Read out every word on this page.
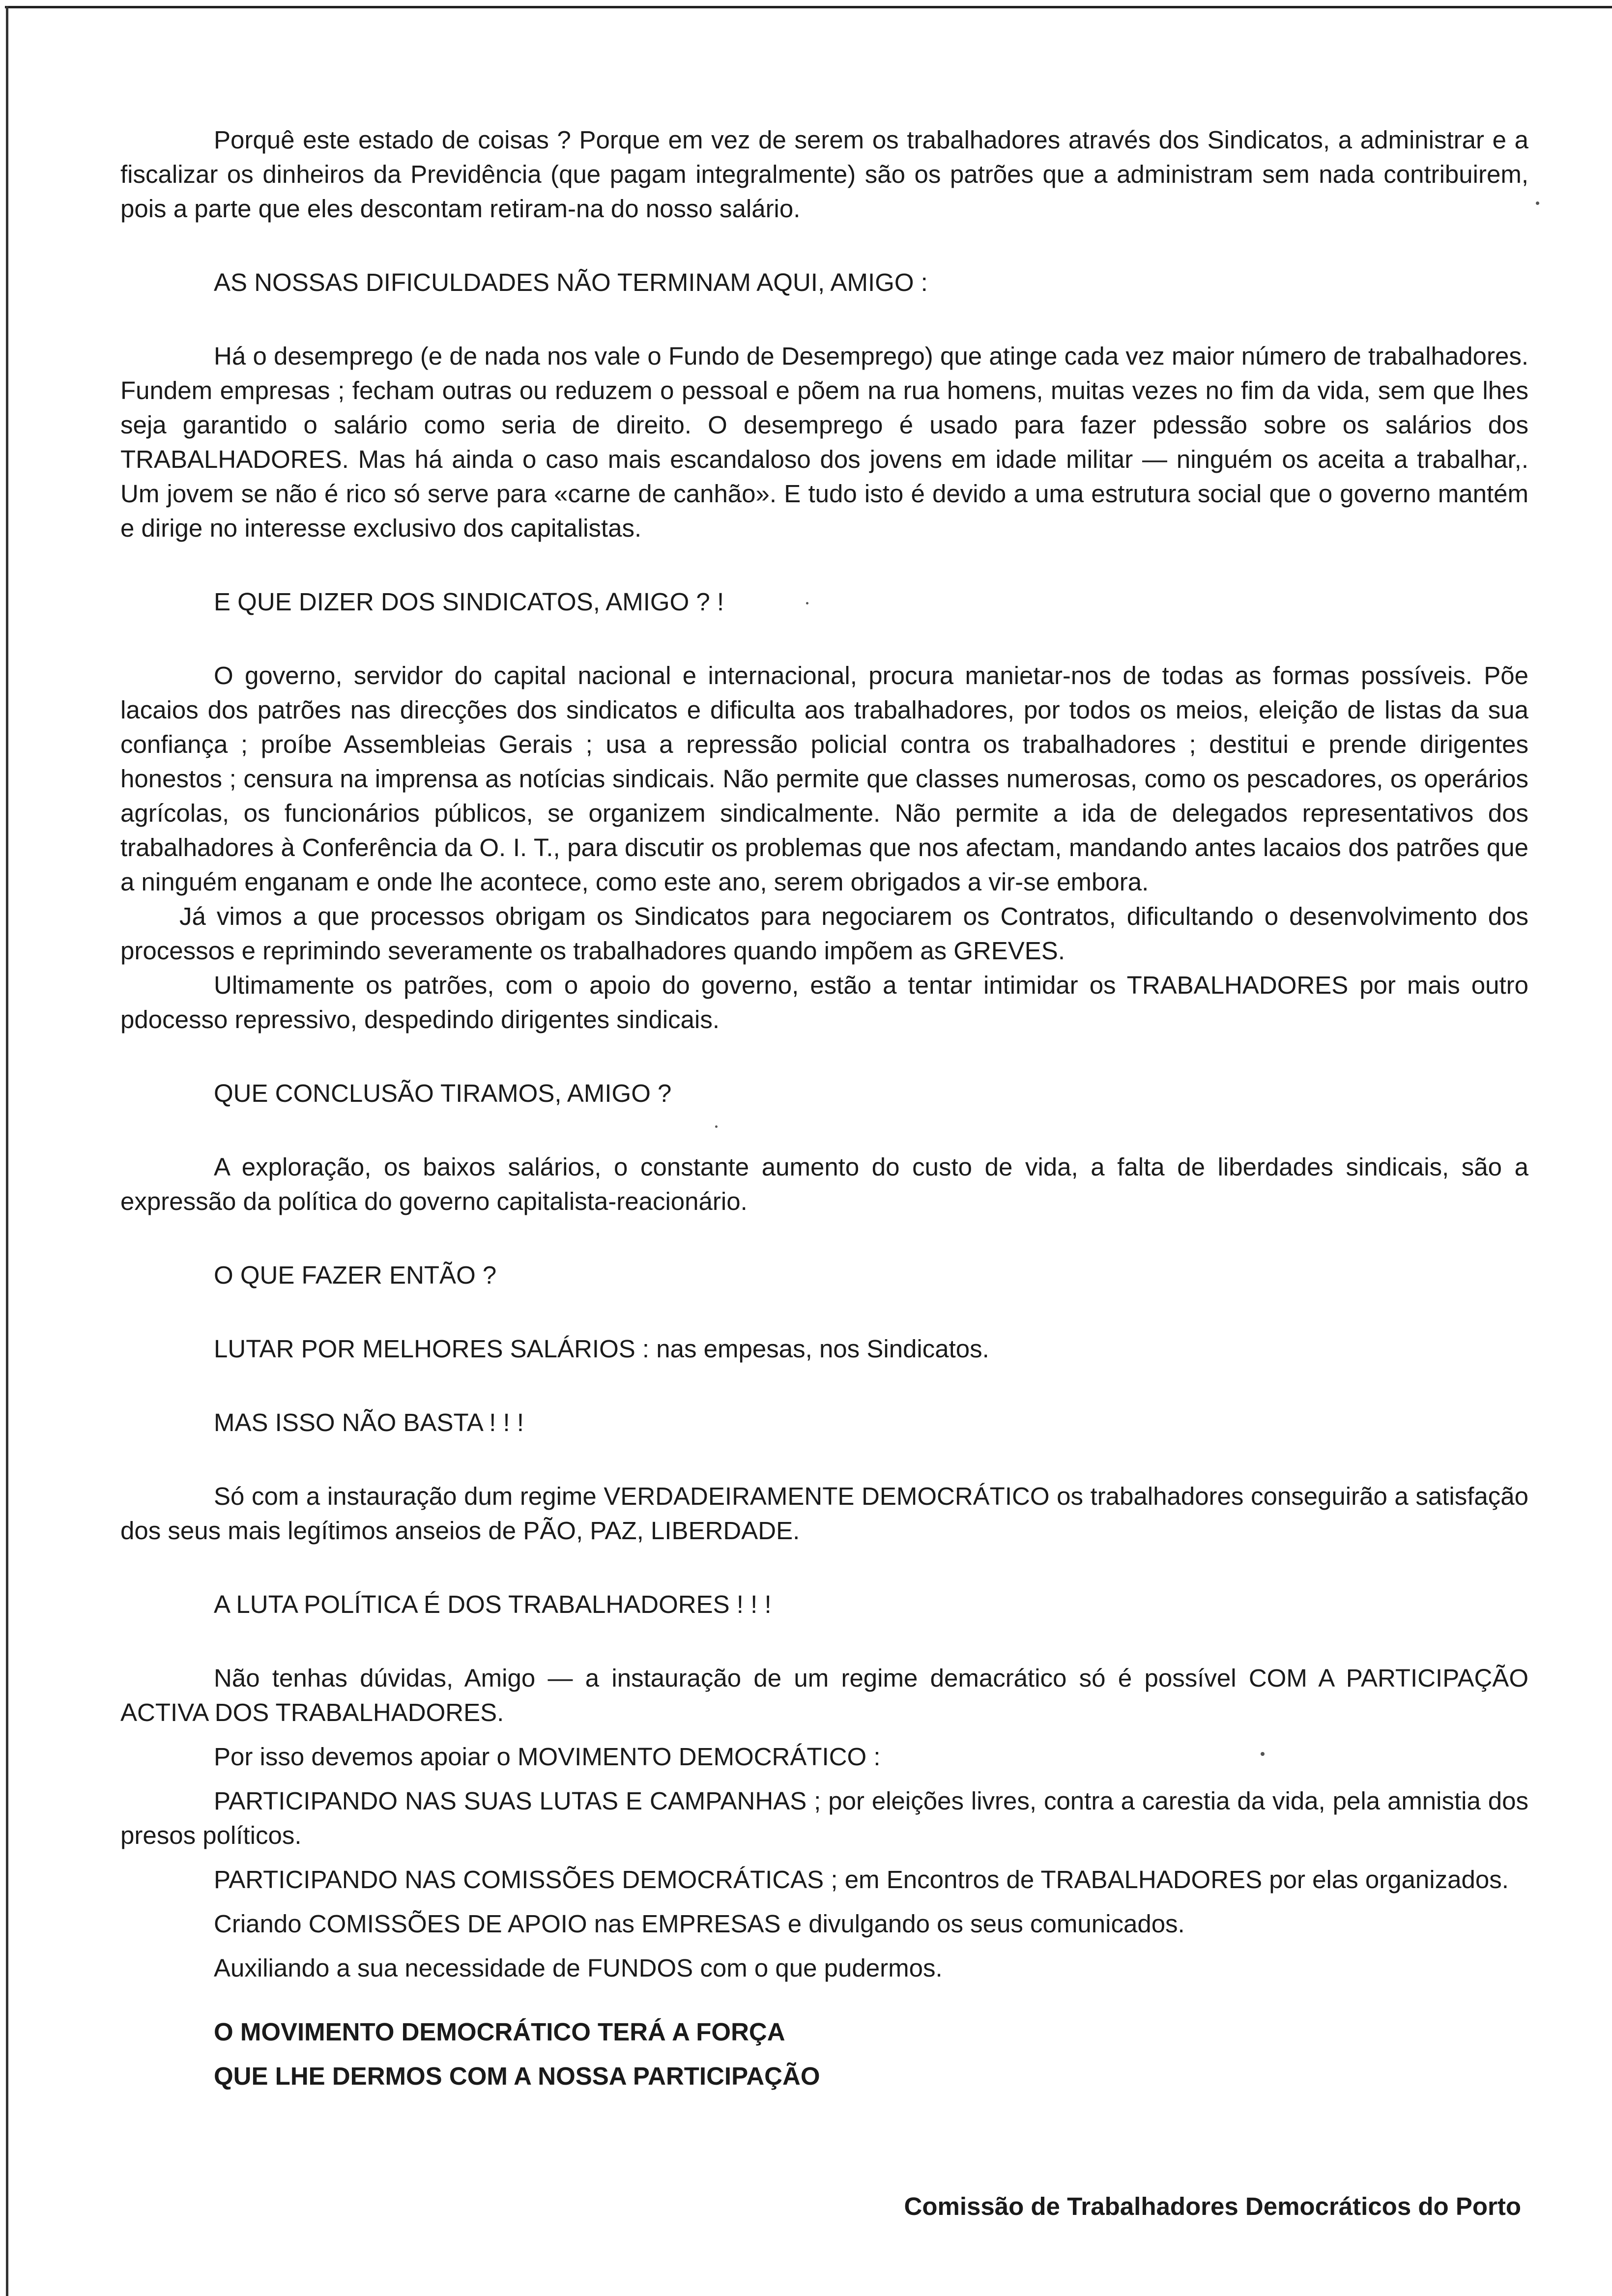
Porquê este estado de coisas ? Porque em vez de serem os trabalhadores através dos Sindicatos, a administrar e a fiscalizar os dinheiros da Previdência (que pagam integralmente) são os patrões que a administram sem nada contribuirem, pois a parte que eles descontam retiram-na do nosso salário.

AS NOSSAS DIFICULDADES NÃO TERMINAM AQUI, AMIGO :

Há o desemprego (e de nada nos vale o Fundo de Desemprego) que atinge cada vez maior número de trabalhadores. Fundem empresas ; fecham outras ou reduzem o pessoal e põem na rua homens, muitas vezes no fim da vida, sem que lhes seja garantido o salário como seria de direito. O desemprego é usado para fazer pdessão sobre os salários dos TRABALHADORES. Mas há ainda o caso mais escandaloso dos jovens em idade militar — ninguém os aceita a trabalhar,. Um jovem se não é rico só serve para «carne de canhão». E tudo isto é devido a uma estrutura social que o governo mantém e dirige no interesse exclusivo dos capitalistas.

E QUE DIZER DOS SINDICATOS, AMIGO ? !

O governo, servidor do capital nacional e internacional, procura manietar-nos de todas as formas possíveis. Põe lacaios dos patrões nas direcções dos sindicatos e dificulta aos trabalhadores, por todos os meios, eleição de listas da sua confiança ; proíbe Assembleias Gerais ; usa a repressão policial contra os trabalhadores ; destitui e prende dirigentes honestos ; censura na imprensa as notícias sindicais. Não permite que classes numerosas, como os pescadores, os operários agrícolas, os funcionários públicos, se organizem sindicalmente. Não permite a ida de delegados representativos dos trabalhadores à Conferência da O. I. T., para discutir os problemas que nos afectam, mandando antes lacaios dos patrões que a ninguém enganam e onde lhe acontece, como este ano, serem obrigados a vir-se embora.

Já vimos a que processos obrigam os Sindicatos para negociarem os Contratos, dificultando o desenvolvimento dos processos e reprimindo severamente os trabalhadores quando impõem as GREVES.

Ultimamente os patrões, com o apoio do governo, estão a tentar intimidar os TRABALHADORES por mais outro pdocesso repressivo, despedindo dirigentes sindicais.

QUE CONCLUSÃO TIRAMOS, AMIGO ?

A exploração, os baixos salários, o constante aumento do custo de vida, a falta de liberdades sindicais, são a expressão da política do governo capitalista-reacionário.

O QUE FAZER ENTÃO ?

LUTAR POR MELHORES SALÁRIOS : nas empesas, nos Sindicatos.

MAS ISSO NÃO BASTA ! ! !

Só com a instauração dum regime VERDADEIRAMENTE DEMOCRÁTICO os trabalhadores conseguirão a satisfação dos seus mais legítimos anseios de PÃO, PAZ, LIBERDADE.

A LUTA POLÍTICA É DOS TRABALHADORES ! ! !

Não tenhas dúvidas, Amigo — a instauração de um regime demacrático só é possível COM A PARTICIPAÇÃO ACTIVA DOS TRABALHADORES.

Por isso devemos apoiar o MOVIMENTO DEMOCRÁTICO :

PARTICIPANDO NAS SUAS LUTAS E CAMPANHAS ; por eleições livres, contra a carestia da vida, pela amnistia dos presos políticos.

PARTICIPANDO NAS COMISSÕES DEMOCRÁTICAS ; em Encontros de TRABALHADORES por elas organizados.

Criando COMISSÕES DE APOIO nas EMPRESAS e divulgando os seus comunicados.

Auxiliando a sua necessidade de FUNDOS com o que pudermos.

O MOVIMENTO DEMOCRÁTICO TERÁ A FORÇA

QUE LHE DERMOS COM A NOSSA PARTICIPAÇÃO

Comissão de Trabalhadores Democráticos do Porto
